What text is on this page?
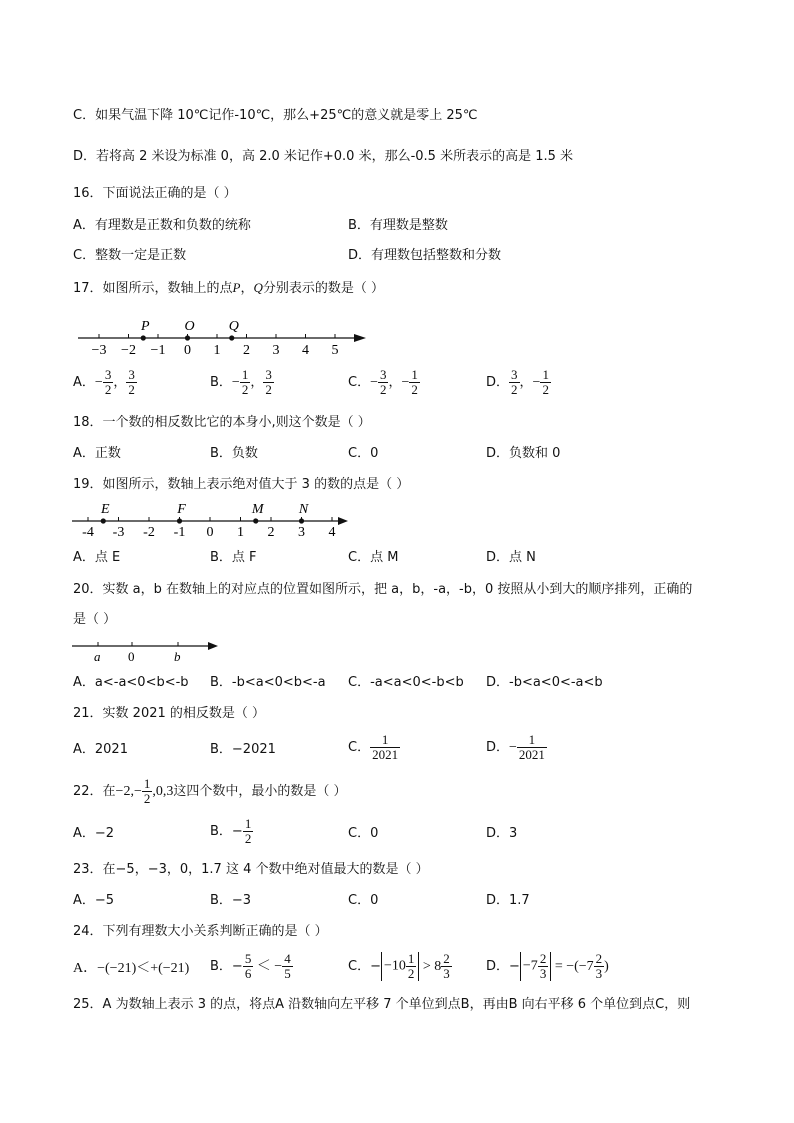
C．如果气温下降 10℃记作-10℃，那么+25℃的意义就是零上 25℃
D．若将高 2 米设为标准 0，高 2.0 米记作+0.0 米，那么-0.5 米所表示的高是 1.5 米
16．下面说法正确的是（ ）
A．有理数是正数和负数的统称	B．有理数是整数
C．整数一定是正数	D．有理数包括整数和分数
17．如图所示，数轴上的点P，Q分别表示的数是（ ）
−3 −2 −1 0 1 2 3 4 5
P O Q
A．− $\frac{3}{2}$ ， $\frac{3}{2}$	B．− $\frac{1}{2}$ ， $\frac{3}{2}$	C．− $\frac{3}{2}$ ，− $\frac{1}{2}$	D． $\frac{3}{2}$ ，− $\frac{1}{2}$
18．一个数的相反数比它的本身小,则这个数是（ ）
A．正数	B．负数	C．0	D．负数和 0
19．如图所示，数轴上表示绝对值大于 3 的数的点是（ ）
-4 -3 -2 -1 0 1 2 3 4
E	F	M	N
A．点 E	B．点 F	C．点 M	D．点 N
20．实数 a，b 在数轴上的对应点的位置如图所示，把 a，b，-a，-b，0 按照从小到大的顺序排列，正确的
是（ ）
a 0	b
A．a<-a<0<b<-b B．-b<a<0<b<-a C．-a<a<0<-b<b D．-b<a<0<-a<b
21．实数 2021 的相反数是（ ）
A．2021	B．−2021	C． $\frac{1}{2021}$	D．− $\frac{1}{2021}$
22．在$-2,- \frac{1}{2} ,0,3$这四个数中，最小的数是（ ）
A．−2	B．− $\frac{1}{2}$	C．0	D．3
23．在−5，−3，0，1.7 这 4 个数中绝对值最大的数是（ ）
A．−5	B．−3	C．0	D．1.7
24．下列有理数大小关系判断正确的是（ ）
A．−(−21)＜+(−21) B．− $\frac{5}{6}$ ＜ − $\frac{4}{5}$	C．− $-10 \frac{1}{2} > 8 \frac{2}{3}$	D．− $-7 \frac{2}{3} = -(-7 \frac{2}{3}$ )
25．A 为数轴上表示 3 的点，将点A 沿数轴向左平移 7 个单位到点B，再由B 向右平移 6 个单位到点C，则
